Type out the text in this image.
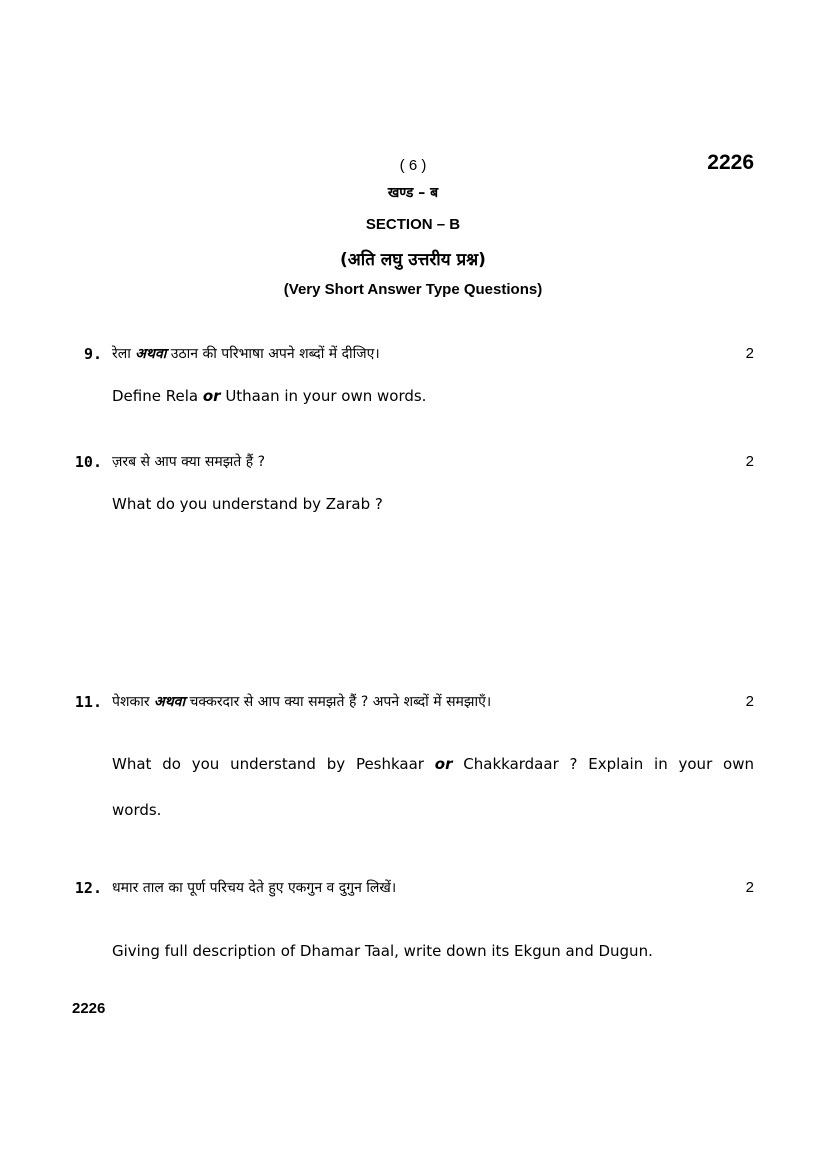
( 6 )	2226
खण्ड – ब
SECTION – B
(अति लघु उत्तरीय प्रश्न)
(Very Short Answer Type Questions)
9. रेला अथवा उठान की परिभाषा अपने शब्दों में दीजिए।	2
Define Rela or Uthaan in your own words.
10. ज़रब से आप क्या समझते हैं ?	2
What do you understand by Zarab ?
11. पेशकार अथवा चक्करदार से आप क्या समझते हैं ? अपने शब्दों में समझाएँ।	2
What do you understand by Peshkaar or Chakkardaar ? Explain in your own
words.
12. धमार ताल का पूर्ण परिचय देते हुए एकगुन व दुगुन लिखें।	2
Giving full description of Dhamar Taal, write down its Ekgun and Dugun.
2226
